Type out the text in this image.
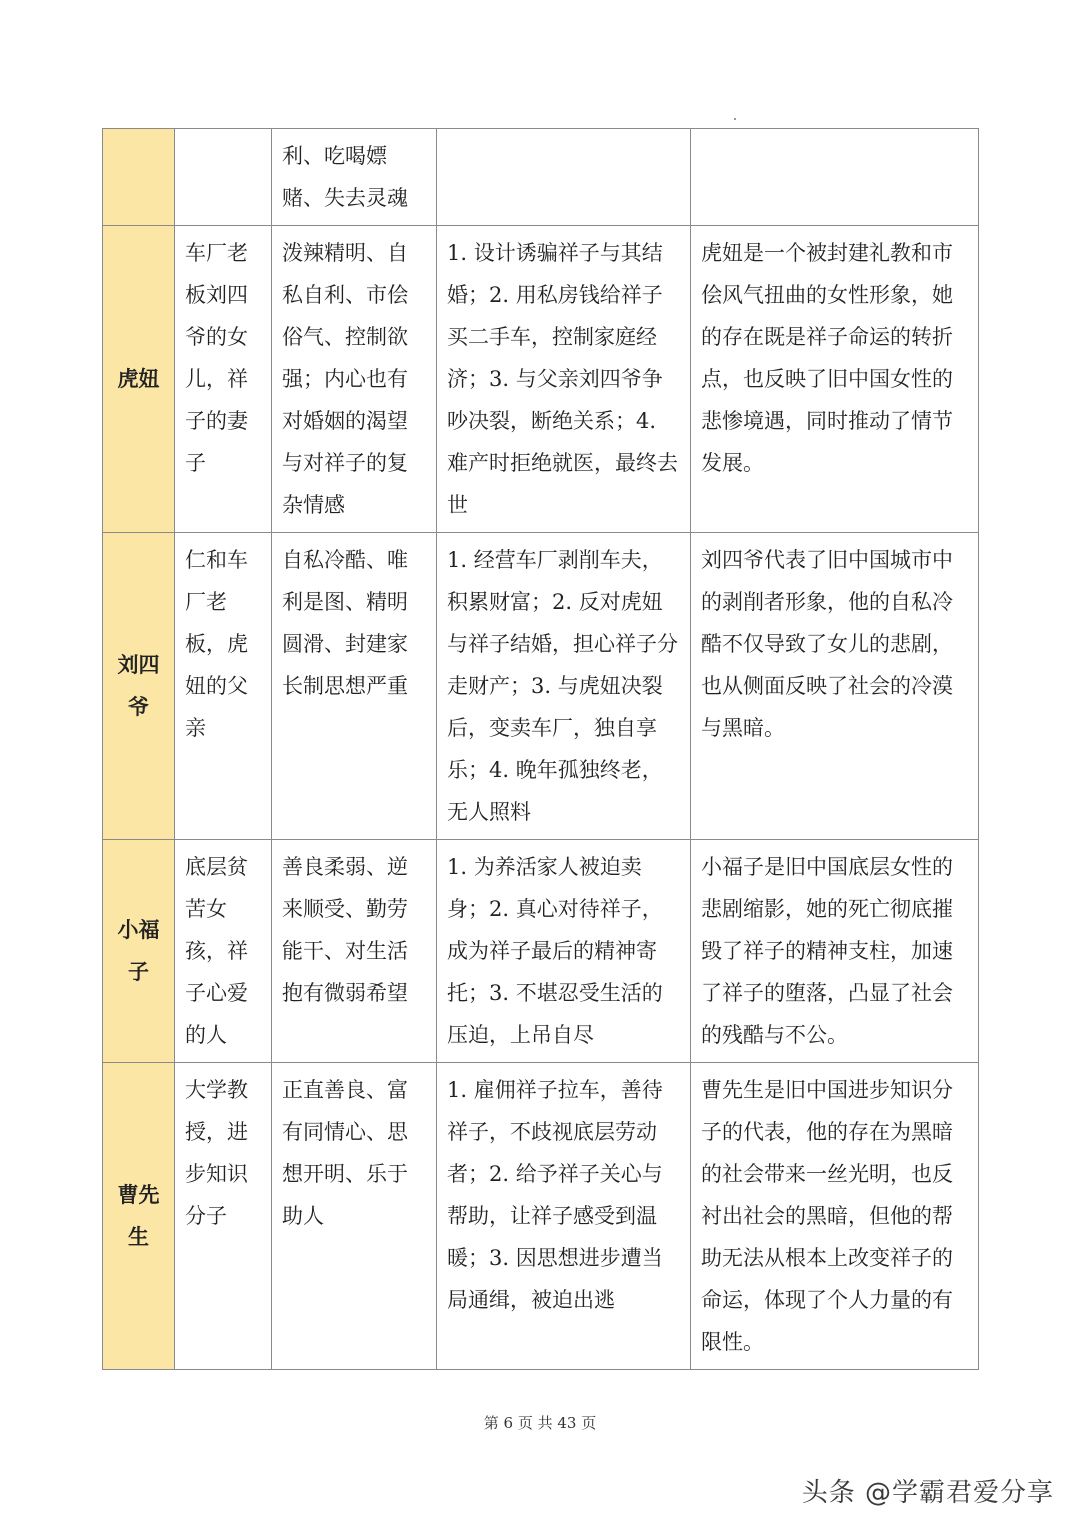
		利、吃喝嫖赌、失去灵魂		
虎妞	车厂老板刘四爷的女儿，祥子的妻子	泼辣精明、自私自利、市侩俗气、控制欲强；内心也有对婚姻的渴望与对祥子的复杂情感	1. 设计诱骗祥子与其结婚；2. 用私房钱给祥子买二手车，控制家庭经济；3. 与父亲刘四爷争吵决裂，断绝关系；4. 难产时拒绝就医，最终去世	虎妞是一个被封建礼教和市侩风气扭曲的女性形象，她的存在既是祥子命运的转折点，也反映了旧中国女性的悲惨境遇，同时推动了情节发展。
刘四爷	仁和车厂老板，虎妞的父亲	自私冷酷、唯利是图、精明圆滑、封建家长制思想严重	1. 经营车厂剥削车夫，积累财富；2. 反对虎妞与祥子结婚，担心祥子分走财产；3. 与虎妞决裂后，变卖车厂，独自享乐；4. 晚年孤独终老，无人照料	刘四爷代表了旧中国城市中的剥削者形象，他的自私冷酷不仅导致了女儿的悲剧，也从侧面反映了社会的冷漠与黑暗。
小福子	底层贫苦女孩，祥子心爱的人	善良柔弱、逆来顺受、勤劳能干、对生活抱有微弱希望	1. 为养活家人被迫卖身；2. 真心对待祥子，成为祥子最后的精神寄托；3. 不堪忍受生活的压迫，上吊自尽	小福子是旧中国底层女性的悲剧缩影，她的死亡彻底摧毁了祥子的精神支柱，加速了祥子的堕落，凸显了社会的残酷与不公。
曹先生	大学教授，进步知识分子	正直善良、富有同情心、思想开明、乐于助人	1. 雇佣祥子拉车，善待祥子，不歧视底层劳动者；2. 给予祥子关心与帮助，让祥子感受到温暖；3. 因思想进步遭当局通缉，被迫出逃	曹先生是旧中国进步知识分子的代表，他的存在为黑暗的社会带来一丝光明，也反衬出社会的黑暗，但他的帮助无法从根本上改变祥子的命运，体现了个人力量的有限性。
第 6 页 共 43 页
头条 @学霸君爱分享
